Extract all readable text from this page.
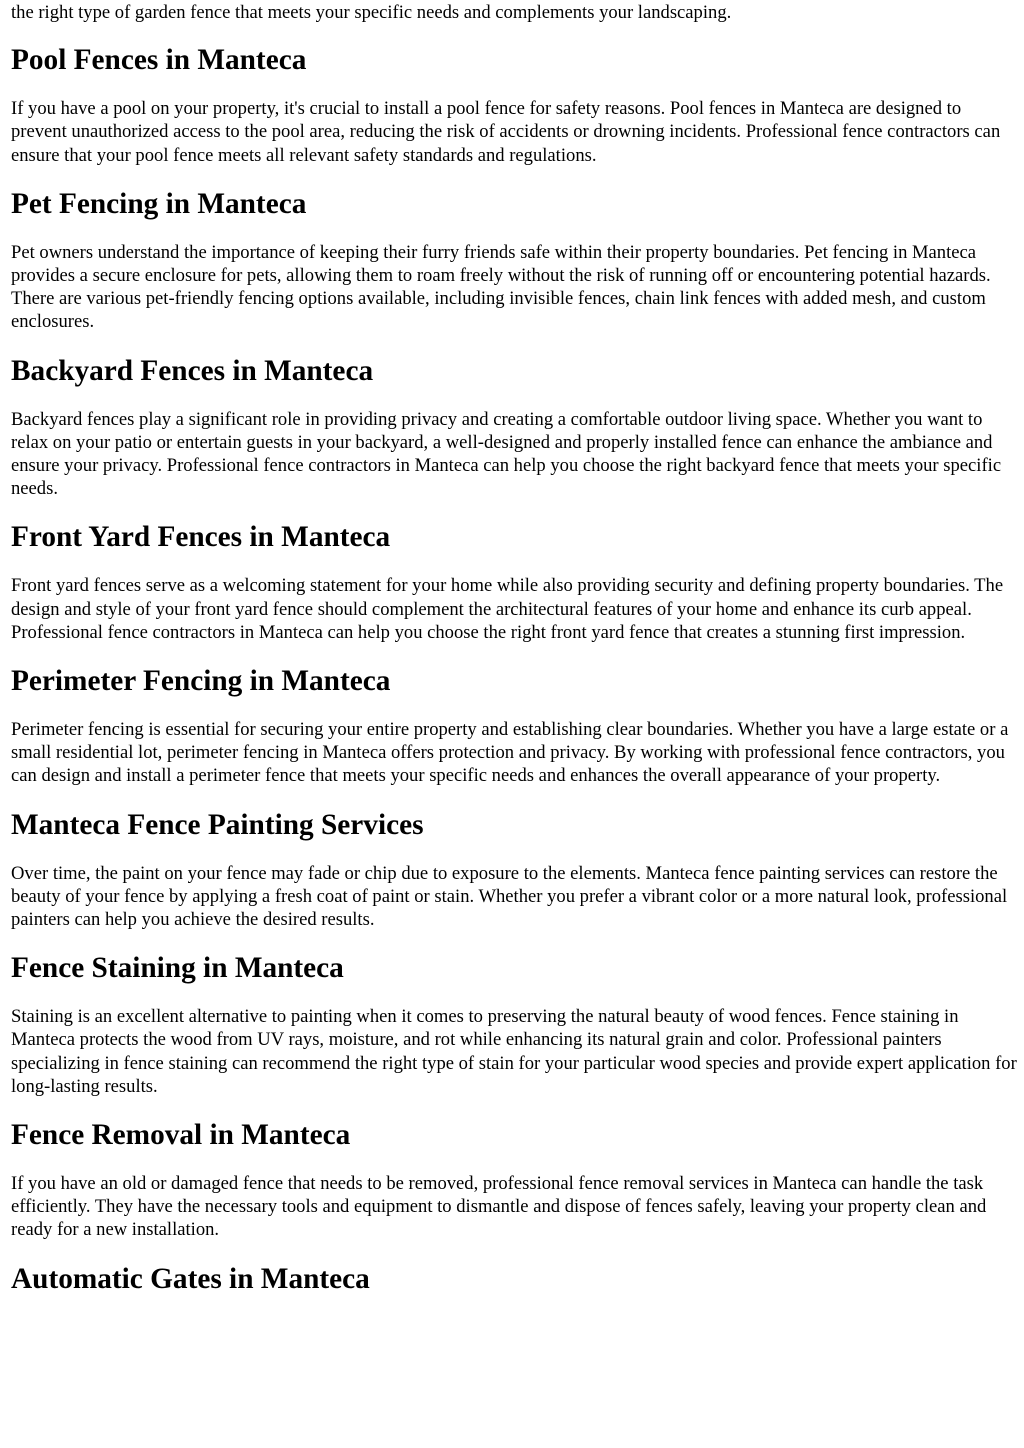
the right type of garden fence that meets your specific needs and complements your landscaping.

Pool Fences in Manteca

If you have a pool on your property, it's crucial to install a pool fence for safety reasons. Pool fences in Manteca are designed to prevent unauthorized access to the pool area, reducing the risk of accidents or drowning incidents. Professional fence contractors can ensure that your pool fence meets all relevant safety standards and regulations.

Pet Fencing in Manteca

Pet owners understand the importance of keeping their furry friends safe within their property boundaries. Pet fencing in Manteca provides a secure enclosure for pets, allowing them to roam freely without the risk of running off or encountering potential hazards. There are various pet-friendly fencing options available, including invisible fences, chain link fences with added mesh, and custom enclosures.

Backyard Fences in Manteca

Backyard fences play a significant role in providing privacy and creating a comfortable outdoor living space. Whether you want to relax on your patio or entertain guests in your backyard, a well-designed and properly installed fence can enhance the ambiance and ensure your privacy. Professional fence contractors in Manteca can help you choose the right backyard fence that meets your specific needs.

Front Yard Fences in Manteca

Front yard fences serve as a welcoming statement for your home while also providing security and defining property boundaries. The design and style of your front yard fence should complement the architectural features of your home and enhance its curb appeal. Professional fence contractors in Manteca can help you choose the right front yard fence that creates a stunning first impression.

Perimeter Fencing in Manteca

Perimeter fencing is essential for securing your entire property and establishing clear boundaries. Whether you have a large estate or a small residential lot, perimeter fencing in Manteca offers protection and privacy. By working with professional fence contractors, you can design and install a perimeter fence that meets your specific needs and enhances the overall appearance of your property.

Manteca Fence Painting Services

Over time, the paint on your fence may fade or chip due to exposure to the elements. Manteca fence painting services can restore the beauty of your fence by applying a fresh coat of paint or stain. Whether you prefer a vibrant color or a more natural look, professional painters can help you achieve the desired results.

Fence Staining in Manteca

Staining is an excellent alternative to painting when it comes to preserving the natural beauty of wood fences. Fence staining in Manteca protects the wood from UV rays, moisture, and rot while enhancing its natural grain and color. Professional painters specializing in fence staining can recommend the right type of stain for your particular wood species and provide expert application for long-lasting results.

Fence Removal in Manteca

If you have an old or damaged fence that needs to be removed, professional fence removal services in Manteca can handle the task efficiently. They have the necessary tools and equipment to dismantle and dispose of fences safely, leaving your property clean and ready for a new installation.

Automatic Gates in Manteca
